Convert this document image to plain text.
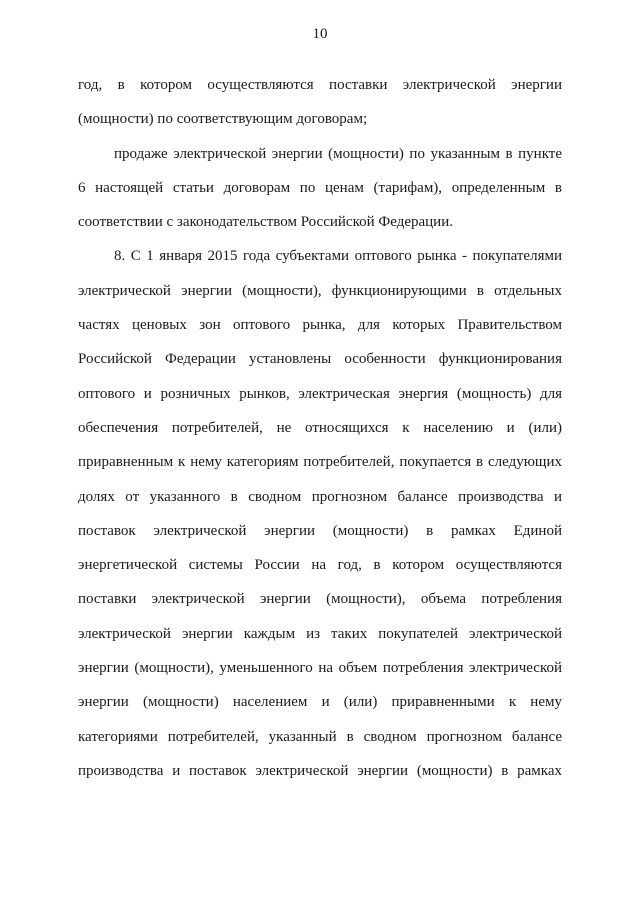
10
год, в котором осуществляются поставки электрической энергии
(мощности) по соответствующим договорам;
продаже электрической энергии (мощности) по указанным в пункте
6 настоящей статьи договорам по ценам (тарифам), определенным в
соответствии с законодательством Российской Федерации.
8. С 1 января 2015 года субъектами оптового рынка - покупателями
электрической энергии (мощности), функционирующими в отдельных
частях ценовых зон оптового рынка, для которых Правительством
Российской Федерации установлены особенности функционирования
оптового и розничных рынков, электрическая энергия (мощность) для
обеспечения потребителей, не относящихся к населению и (или)
приравненным к нему категориям потребителей, покупается в следующих
долях от указанного в сводном прогнозном балансе производства и
поставок электрической энергии (мощности) в рамках Единой
энергетической системы России на год, в котором осуществляются
поставки электрической энергии (мощности), объема потребления
электрической энергии каждым из таких покупателей электрической
энергии (мощности), уменьшенного на объем потребления электрической
энергии (мощности) населением и (или) приравненными к нему
категориями потребителей, указанный в сводном прогнозном балансе
производства и поставок электрической энергии (мощности) в рамках
